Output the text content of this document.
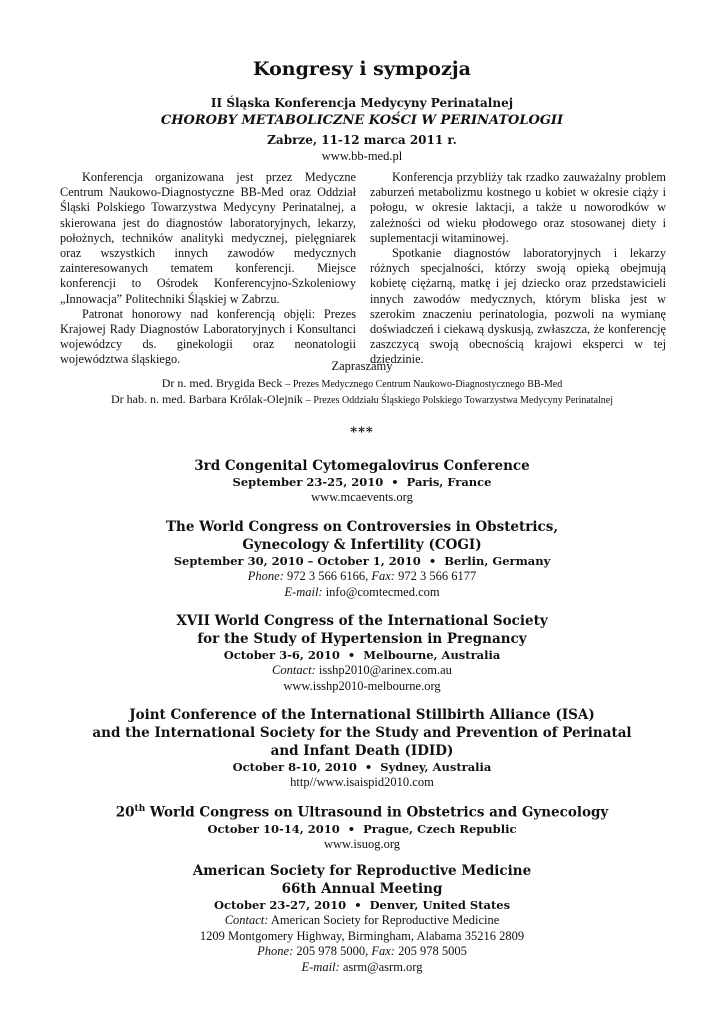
Kongresy i sympozja
II Śląska Konferencja Medycyny Perinatalnej
CHOROBY METABOLICZNE KOŚCI W PERINATOLOGII
Zabrze, 11-12 marca 2011 r.
www.bb-med.pl

Konferencja organizowana jest przez Medyczne Centrum Naukowo-Diagnostyczne BB-Med oraz Oddział Śląski Polskiego Towarzystwa Medycyny Perinatalnej, a skierowana jest do diagnostów laboratoryjnych, lekarzy, położnych, techników analityki medycznej, pielęgniarek oraz wszystkich innych zawodów medycznych zainteresowanych tematem konferencji. Miejsce konferencji to Ośrodek Konferencyjno-Szkoleniowy „Innowacja” Politechniki Śląskiej w Zabrzu.

Patronat honorowy nad konferencją objęli: Prezes Krajowej Rady Diagnostów Laboratoryjnych i Konsultanci wojewódzcy ds. ginekologii oraz neonatologii województwa śląskiego.

Konferencja przybliży tak rzadko zauważalny problem zaburzeń metabolizmu kostnego u kobiet w okresie ciąży i połogu, w okresie laktacji, a także u noworodków w zależności od wieku płodowego oraz stosowanej diety i suplementacji witaminowej.

Spotkanie diagnostów laboratoryjnych i lekarzy różnych specjalności, którzy swoją opieką obejmują kobietę ciężarną, matkę i jej dziecko oraz przedstawicieli innych zawodów medycznych, którym bliska jest w szerokim znaczeniu perinatologia, pozwoli na wymianę doświadczeń i ciekawą dyskusją, zwłaszcza, że konferencję zaszczycą swoją obecnością krajowi eksperci w tej dziedzinie.

Zapraszamy
Dr n. med. Brygida Beck – Prezes Medycznego Centrum Naukowo-Diagnostycznego BB-Med
Dr hab. n. med. Barbara Królak-Olejnik – Prezes Oddziału Śląskiego Polskiego Towarzystwa Medycyny Perinatalnej
***
3rd Congenital Cytomegalovirus Conference
September 23-25, 2010 • Paris, France
www.mcaevents.org
The World Congress on Controversies in Obstetrics,
Gynecology & Infertility (COGI)
September 30, 2010 – October 1, 2010 • Berlin, Germany
Phone: 972 3 566 6166, Fax: 972 3 566 6177
E-mail: info@comtecmed.com
XVII World Congress of the International Society
for the Study of Hypertension in Pregnancy
October 3-6, 2010 • Melbourne, Australia
Contact: isshp2010@arinex.com.au
www.isshp2010-melbourne.org
Joint Conference of the International Stillbirth Alliance (ISA)
and the International Society for the Study and Prevention of Perinatal
and Infant Death (IDID)
October 8-10, 2010 • Sydney, Australia
http//www.isaispid2010.com
20th World Congress on Ultrasound in Obstetrics and Gynecology
October 10-14, 2010 • Prague, Czech Republic
www.isuog.org
American Society for Reproductive Medicine
66th Annual Meeting
October 23-27, 2010 • Denver, United States
Contact: American Society for Reproductive Medicine
1209 Montgomery Highway, Birmingham, Alabama 35216 2809
Phone: 205 978 5000, Fax: 205 978 5005
E-mail: asrm@asrm.org
